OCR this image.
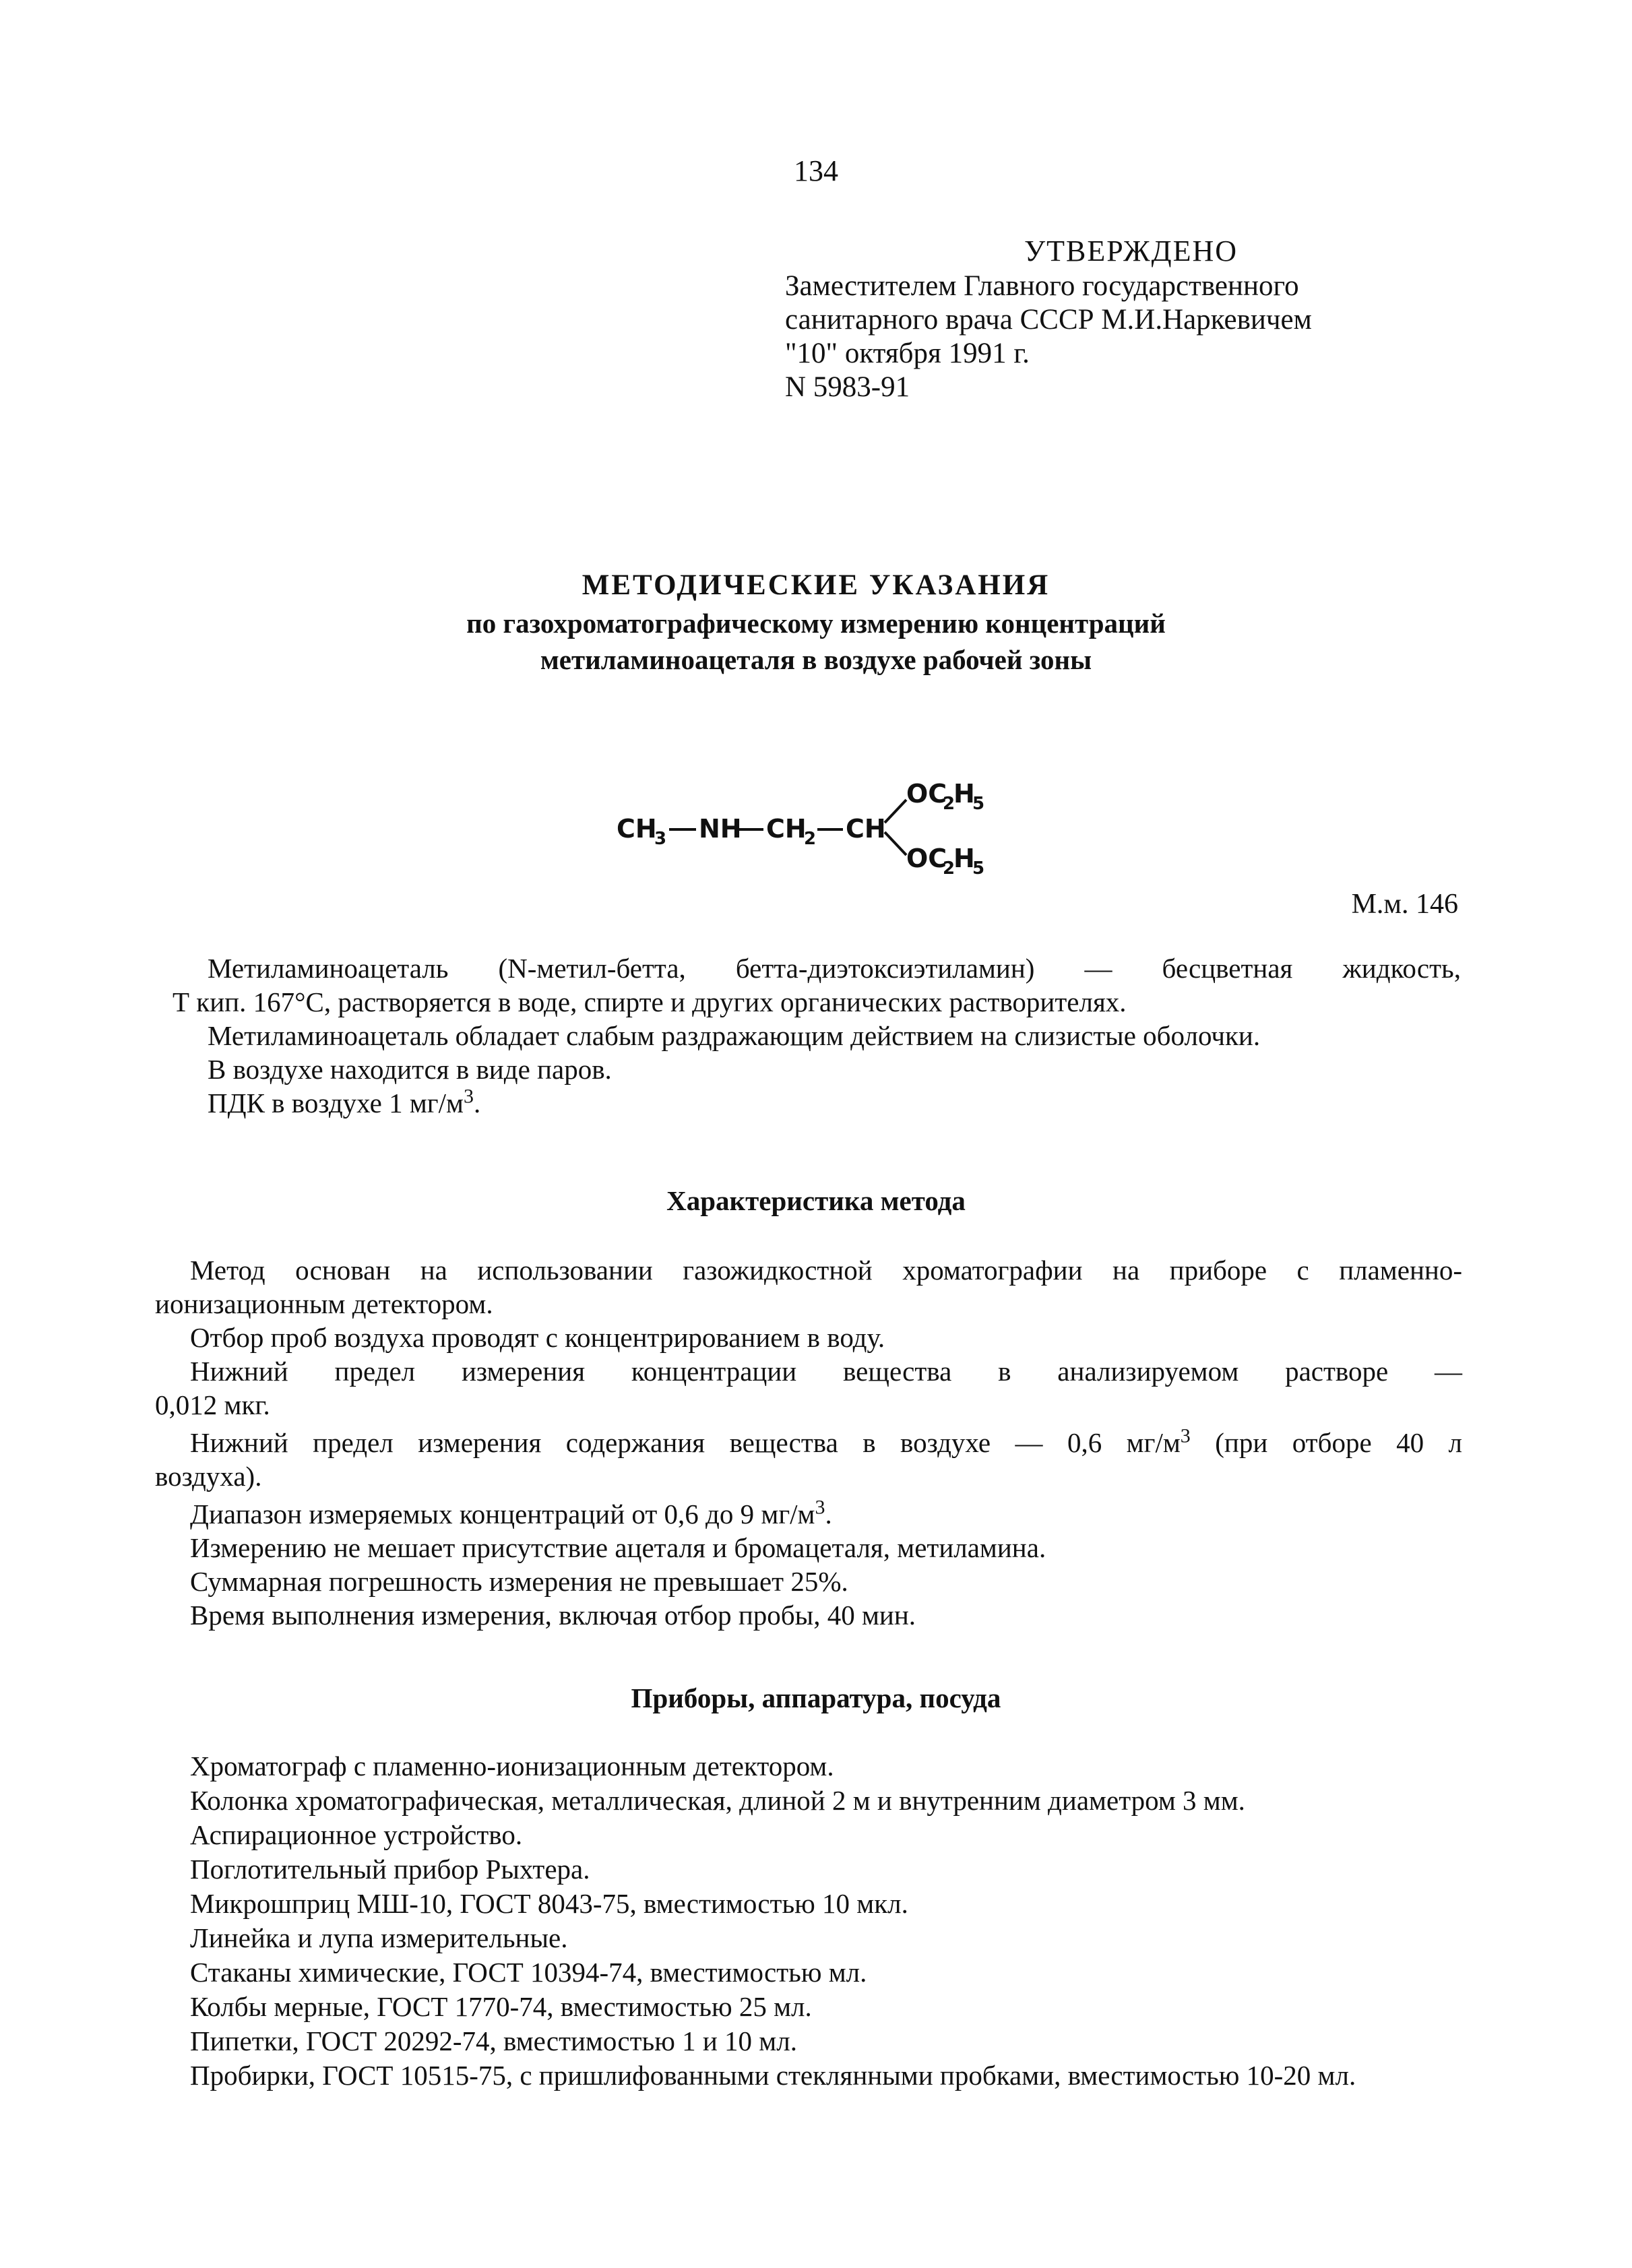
134
УТВЕРЖДЕНО
Заместителем Главного государственного
санитарного врача СССР М.И.Наркевичем
"10" октября 1991 г.
N 5983-91
МЕТОДИЧЕСКИЕ УКАЗАНИЯ
по газохроматографическому измерению концентраций
метиламиноацеталя в воздухе рабочей зоны
CH
3 NH CH
2 CH
OC
2
H
5
OC
2
H
5
М.м. 146
Метиламиноацеталь (N-метил-бетта, бетта-диэтоксиэтиламин) — бесцветная жидкость,
Т кип. 167°С, растворяется в воде, спирте и других органических растворителях.
Метиламиноацеталь обладает слабым раздражающим действием на слизистые оболочки.
В воздухе находится в виде паров.
ПДК в воздухе 1 $мг/м^3$.
Характеристика метода
Метод основан на использовании газожидкостной хроматографии на приборе с пламенно-
ионизационным детектором.
Отбор проб воздуха проводят с концентрированием в воду.
Нижний предел измерения концентрации вещества в анализируемом растворе —
0,012 мкг.
Нижний предел измерения содержания вещества в воздухе — 0,6 $мг/м^3$ (при отборе 40 л
воздуха).
Диапазон измеряемых концентраций от 0,6 до 9 $мг/м^3$.
Измерению не мешает присутствие ацеталя и бромацеталя, метиламина.
Суммарная погрешность измерения не превышает 25%.
Время выполнения измерения, включая отбор пробы, 40 мин.
Приборы, аппаратура, посуда
Хроматограф с пламенно-ионизационным детектором.
Колонка хроматографическая, металлическая, длиной 2 м и внутренним диаметром 3 мм.
Аспирационное устройство.
Поглотительный прибор Рыхтера.
Микрошприц МШ-10, ГОСТ 8043-75, вместимостью 10 мкл.
Линейка и лупа измерительные.
Стаканы химические, ГОСТ 10394-74, вместимостью мл.
Колбы мерные, ГОСТ 1770-74, вместимостью 25 мл.
Пипетки, ГОСТ 20292-74, вместимостью 1 и 10 мл.
Пробирки, ГОСТ 10515-75, с пришлифованными стеклянными пробками, вместимостью 10-20 мл.
